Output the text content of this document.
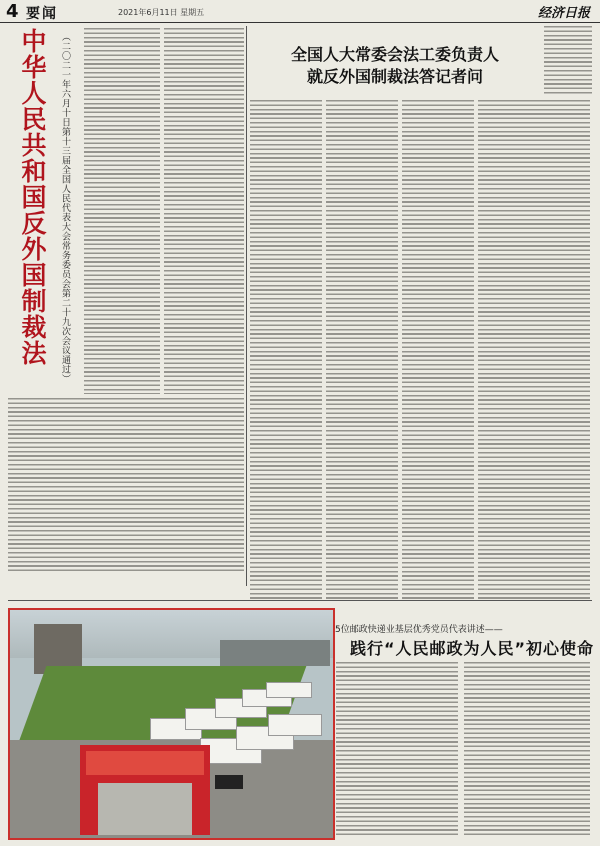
4 要闻	2021年6月11日 星期五	经济日报
中华人民共和国反外国制裁法	（二〇二一年六月十日第十三届全国人民代表大会常务委员会第二十九次会议通过）	全国人大常委会法工委负责人
就反外国制裁法答记者问
5位邮政快递业基层优秀党员代表讲述——
践行“人民邮政为人民”初心使命
